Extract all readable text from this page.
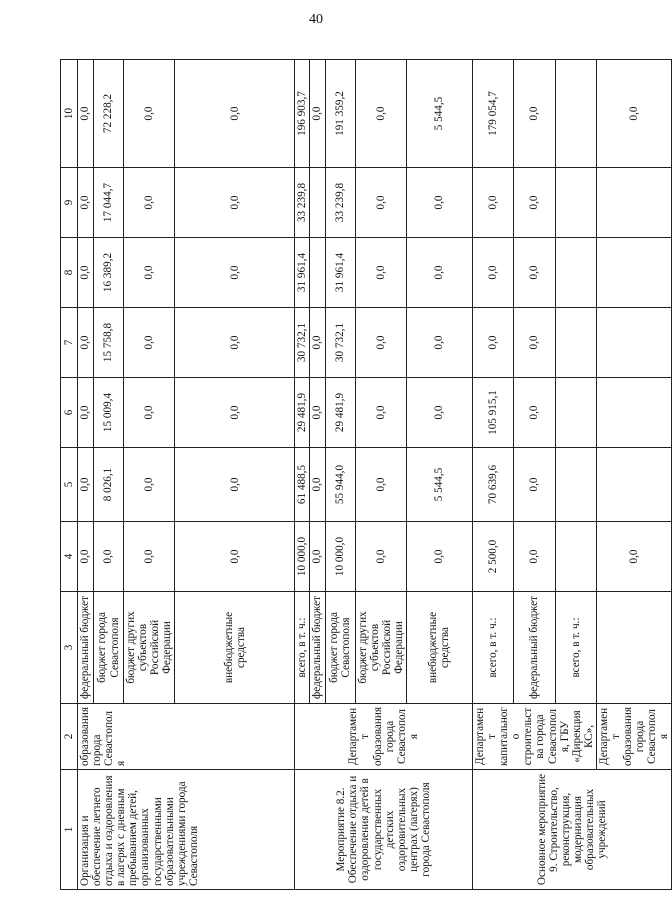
40
1	2	3	4	5	6	7	8	9	10
Организация и обеспечение летнего отдыха и оздоровления в лагерях с дневным пребыванием детей, организованных государственными образовательными учреждениями города Севастополя	образования города Севастополя	федеральный бюджет	0,0	0,0	0,0	0,0	0,0	0,0	0,0
		бюджет города Севастополя	0,0	8 026,1	15 009,4	15 758,8	16 389,2	17 044,7	72 228,2
		бюджет других субъектов Российской Федерации	0,0	0,0	0,0	0,0	0,0	0,0	0,0
		внебюджетные средства	0,0	0,0	0,0	0,0	0,0	0,0	0,0
Мероприятие 8.2. Обеспечение отдыха и оздоровления детей в государственных детских оздоровительных центрах (лагерях) города Севастополя	Департамент образования города Севастополя	всего, в т. ч.:	10 000,0	61 488,5	29 481,9	30 732,1	31 961,4	33 239,8	196 903,7
		федеральный бюджет	0,0	0,0	0,0	0,0			0,0
		бюджет города Севастополя	10 000,0	55 944,0	29 481,9	30 732,1	31 961,4	33 239,8	191 359,2
		бюджет других субъектов Российской Федерации	0,0	0,0	0,0	0,0	0,0	0,0	0,0
		внебюджетные средства	0,0	5 544,5	0,0	0,0	0,0	0,0	5 544,5
Основное мероприятие 9. Строительство, реконструкция, модернизация образовательных учреждений	Департамент капитального строительства города Севастополя, ГБУ «Дирекция КС»,	всего, в т. ч.:	2 500,0	70 639,6	105 915,1	0,0	0,0	0,0	179 054,7
		федеральный бюджет	0,0	0,0	0,0	0,0	0,0	0,0	0,0
		всего, в т. ч.:							
	Департамент образования города Севастополя		0,0						0,0
